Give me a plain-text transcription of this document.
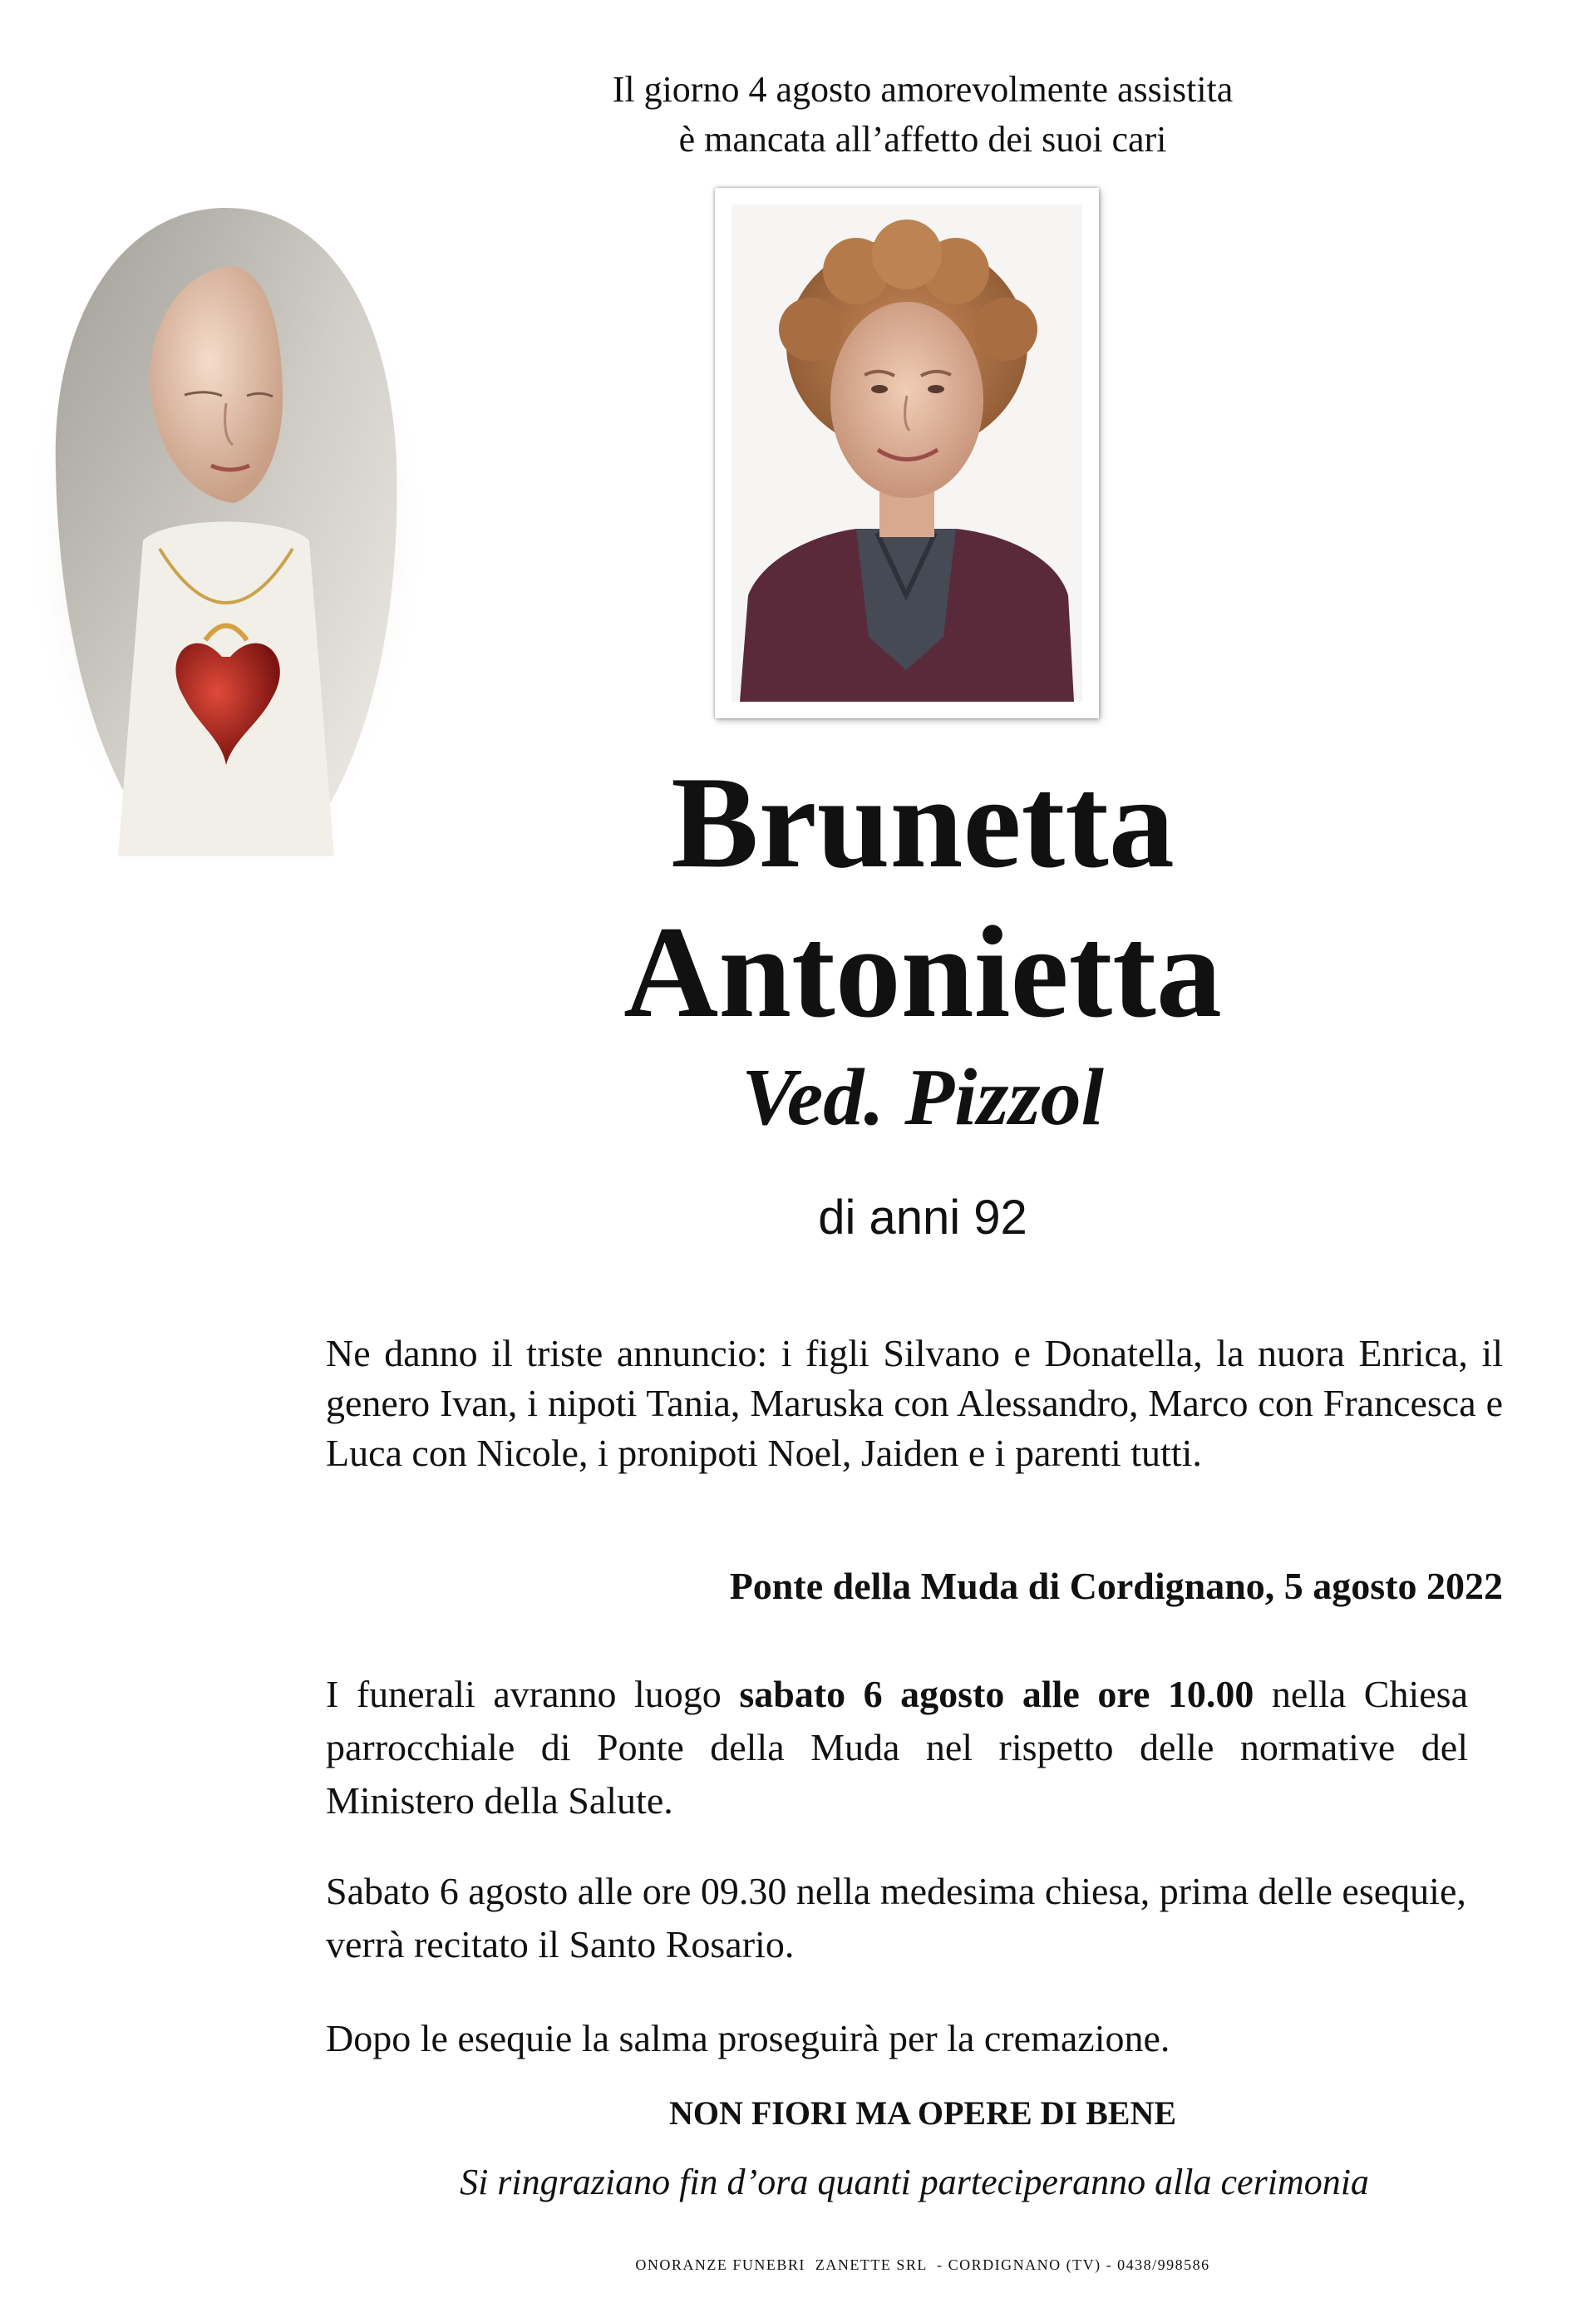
Il giorno 4 agosto amorevolmente assistita
è mancata all’affetto dei suoi cari
Brunetta
Antonietta
Ved. Pizzol
di anni 92
Ne danno il triste annuncio: i figli Silvano e Donatella, la nuora Enrica, il genero Ivan, i nipoti Tania, Maruska con Alessandro, Marco con Francesca e Luca con Nicole, i pronipoti Noel, Jaiden e i parenti tutti.
Ponte della Muda di Cordignano, 5 agosto 2022
I funerali avranno luogo sabato 6 agosto alle ore 10.00 nella Chiesa parrocchiale di Ponte della Muda nel rispetto delle normative del Ministero della Salute.
Sabato 6 agosto alle ore 09.30 nella medesima chiesa, prima delle esequie, verrà recitato il Santo Rosario.
Dopo le esequie la salma proseguirà per la cremazione.
NON FIORI MA OPERE DI BENE
Si ringraziano fin d’ora quanti parteciperanno alla cerimonia
ONORANZE FUNEBRI  ZANETTE SRL  - CORDIGNANO (TV) - 0438/998586
